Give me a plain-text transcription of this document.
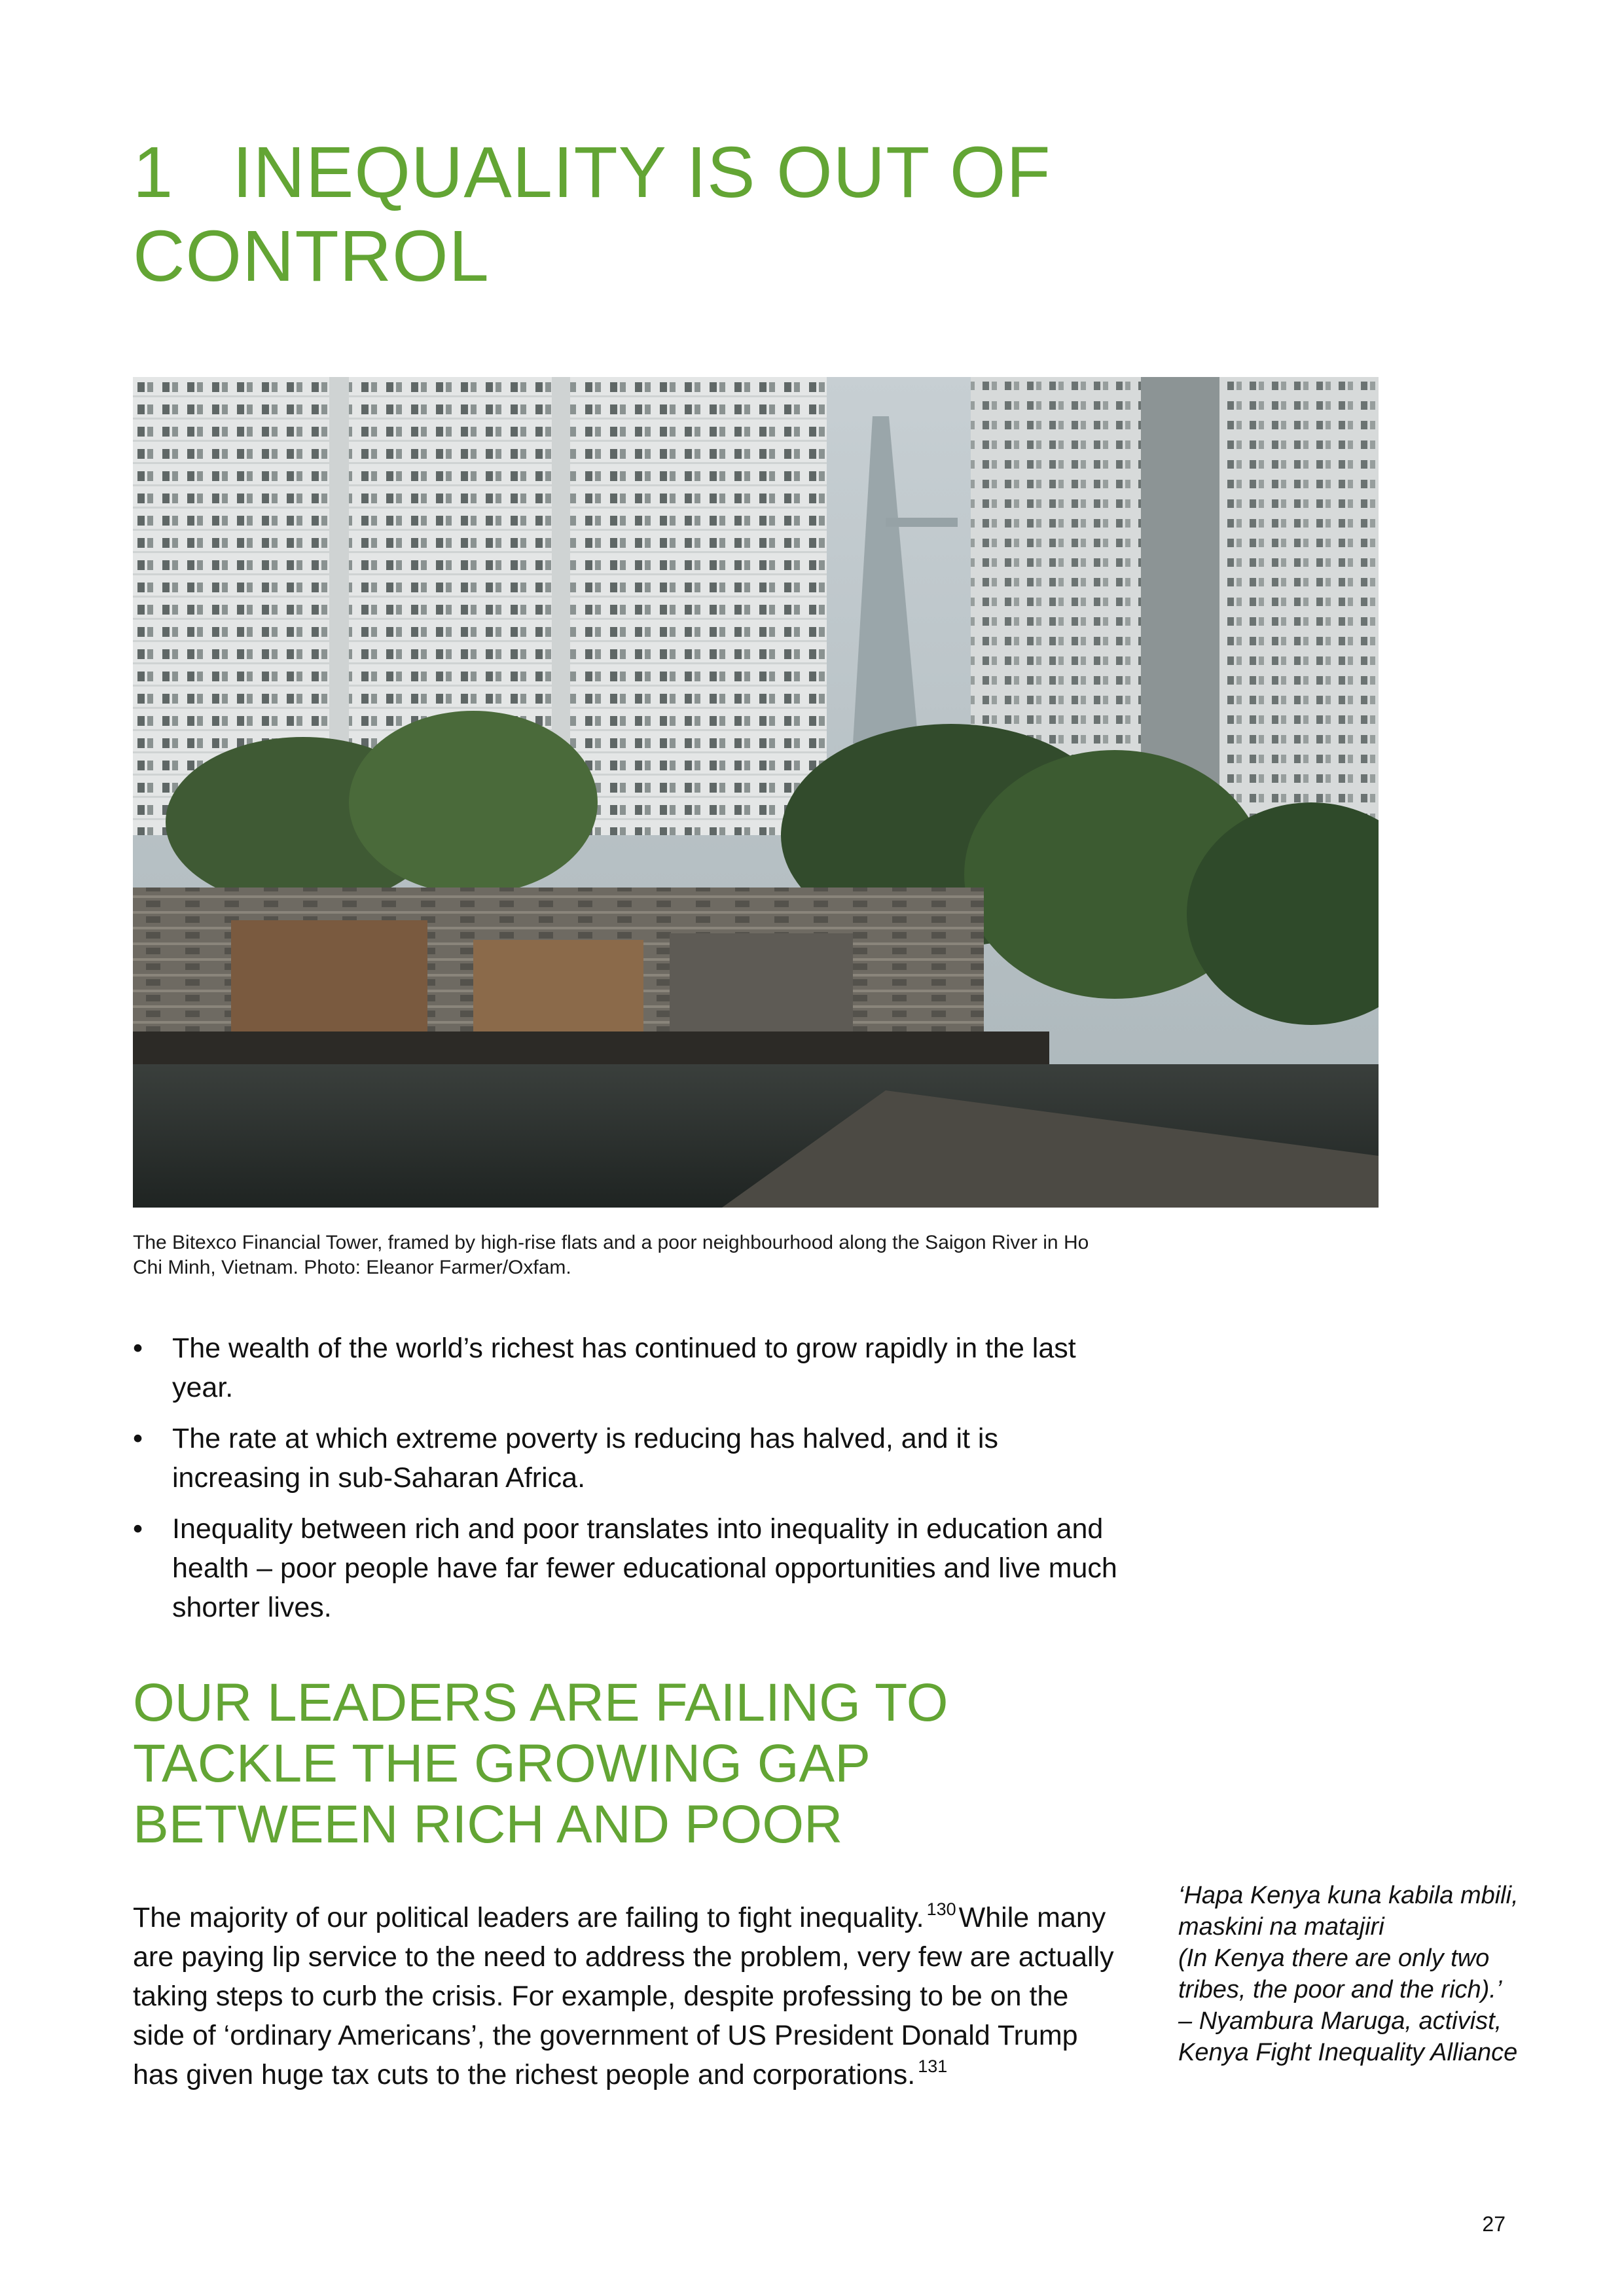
1 INEQUALITY IS OUT OF CONTROL

The Bitexco Financial Tower, framed by high-rise flats and a poor neighbourhood along the Saigon River in Ho Chi Minh, Vietnam. Photo: Eleanor Farmer/Oxfam.

•	The wealth of the world’s richest has continued to grow rapidly in the last year.
•	The rate at which extreme poverty is reducing has halved, and it is increasing in sub-Saharan Africa.
•	Inequality between rich and poor translates into inequality in education and health – poor people have far fewer educational opportunities and live much shorter lives.
OUR LEADERS ARE FAILING TO TACKLE THE GROWING GAP BETWEEN RICH AND POOR

The majority of our political leaders are failing to fight inequality. $^{130}$While many are paying lip service to the need to address the problem, very few are actually taking steps to curb the crisis. For example, despite professing to be on the side of ‘ordinary Americans’, the government of US President Donald Trump has given huge tax cuts to the richest people and corporations. $^{131}$

‘Hapa Kenya kuna kabila mbili, maskini na matajiri
(In Kenya there are only two tribes, the poor and the rich).’
– Nyambura Maruga, activist, Kenya Fight Inequality Alliance
27
